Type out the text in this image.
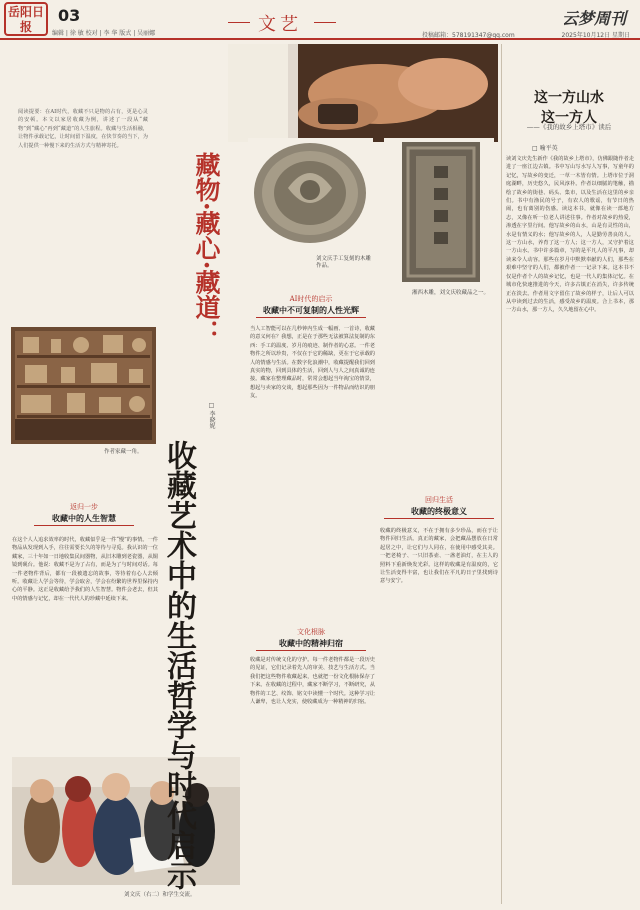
岳阳日报
03
编辑 | 徐 敏 校对 | 李 华 版式 | 吴丽娜	文艺	云梦周刊
投稿邮箱：578191347@qq.com	2025年10月12日 星期日
阅读提要：在AI时代，收藏不只是物的占有，更是心灵的安顿。本文以家居收藏为例，讲述了一段从“藏物”到“藏心”再到“藏道”的人生旅程。收藏与生活相融，让物件承载记忆，让时间留下温度，在快节奏的当下，为人们提供一种慢下来的生活方式与精神寄托。
作者家藏一角。
返归一步
收藏中的人生智慧
在这个人人追求效率的时代，收藏似乎是一件“慢”的事情。一件物品从发现到入手，往往需要长久的等待与寻觅。我认识的一位藏家，三十年如一日地收集民间器物，从旧木雕到老瓷器，从铜镜到砚台。他说：收藏不是为了占有，而是为了与时间对话。每一件老物件背后，都有一段被遗忘的故事，等待着有心人去倾听。收藏让人学会等待，学会取舍，学会在纷繁的世界里保持内心的平静。这正是收藏给予我们的人生智慧。物件会老去，但其中的情感与记忆，却在一代代人的珍藏中延续下来。
刘文庆（右二）和学生交流。
藏物·藏心·藏道：
□ 李晓妮
收藏艺术中的生活哲学与时代启示
刘文庆手工复刻的木雕作品。
湘西木雕，刘文庆收藏品之一。
AI时代的启示
收藏中不可复制的人性光辉
当人工智能可以在几秒钟内生成一幅画、一首诗，收藏的意义何在？我想，正是在于那些无法被算法复制的东西：手工的温度、岁月的痕迹、制作者的心意。一件老物件之所以珍贵，不仅在于它的稀缺，更在于它承载的人的情感与生活。在数字化浪潮中，收藏提醒我们回到真实的物，回到具体的生活，回到人与人之间真诚的连接。藏家在整理藏品时，常常会想起当年淘宝的情景，想起与卖家的交谈，想起那些因为一件物品而结识的朋友。
文化根脉
收藏中的精神归宿
收藏是对传统文化的守护。每一件老物件都是一段历史的见证，它们记录着先人的审美、技艺与生活方式。当我们把这些物件收藏起来，也就把一份文化根脉保存了下来。在收藏的过程中，藏家不断学习，不断研究，从物件的工艺、纹饰、铭文中读懂一个时代。这种学习让人谦卑，也让人充实，使收藏成为一种精神的归宿。
回归生活
收藏的终极意义
收藏的终极意义，不在于拥有多少珍品，而在于让物件回归生活。真正的藏家，会把藏品摆放在日常起居之中，让它们与人同在，在使用中感受其美。一把老椅子、一只旧茶壶、一盏老油灯，在主人的照料下重新焕发光彩。这样的收藏是有温度的，它让生活变得丰富，也让我们在平凡的日子里找到诗意与安宁。
这一方山水
这一方人
——《我的故乡上塔市》读后
□ 喻平英
读刘文庆先生新作《我的故乡上塔市》，仿佛跟随作者走进了一座江边古镇。书中写山写水写人写事，写童年的记忆，写故乡的变迁，一草一木皆有情。上塔市位于洞庭湖畔，历史悠久，民风淳朴。作者以细腻的笔触，描绘了故乡的街巷、码头、集市，以及生活在这里的乡亲们。书中有渔民的号子，有农人的歌谣，有节日的热闹，也有离别的伤感。读这本书，就像在读一部地方志，又像在听一位老人讲述往事。作者对故乡的热爱，渗透在字里行间。他写故乡的山水，山是有灵性的山，水是有情义的水；他写故乡的人，人是勤劳善良的人。这一方山水，养育了这一方人；这一方人，又守护着这一方山水。书中许多篇章，写的是平凡人的平凡事，却读来令人动容。那些在岁月中默默奉献的人们，那些在艰难中坚守的人们，都被作者一一记录下来。这本书不仅是作者个人的故乡记忆，也是一代人的集体记忆。在城市化快速推进的今天，许多古镇正在消失，许多传统正在淡去。作者用文字留住了故乡的样子，让后人可以从中读到过去的生活，感受故乡的温度。合上书本，那一方山水，那一方人，久久地留在心中。
